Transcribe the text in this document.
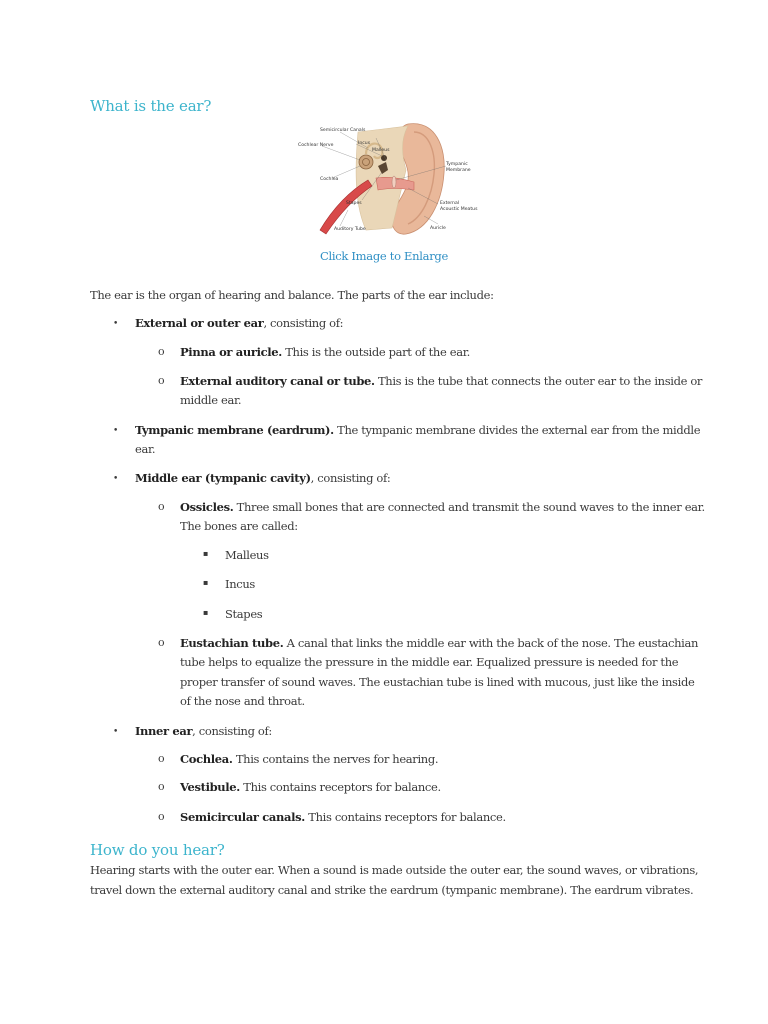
What is the ear?
Semicircular Canals
Cochlear Nerve	Incus
Malleus
Cochlea
Tympanic
Membrane
Stapes	External
Acoustic Meatus
Auditory Tube	Auricle
Click Image to Enlarge

The ear is the organ of hearing and balance. The parts of the ear include:

• External or outer ear, consisting of:

o Pinna or auricle. This is the outside part of the ear.

o External auditory canal or tube. This is the tube that connects the outer ear to the inside or

middle ear.

• Tympanic membrane (eardrum). The tympanic membrane divides the external ear from the middle

ear.

• Middle ear (tympanic cavity), consisting of:

o Ossicles. Three small bones that are connected and transmit the sound waves to the inner ear.

The bones are called:

▪ Malleus

▪ Incus

▪ Stapes

o Eustachian tube. A canal that links the middle ear with the back of the nose. The eustachian

tube helps to equalize the pressure in the middle ear. Equalized pressure is needed for the

proper transfer of sound waves. The eustachian tube is lined with mucous, just like the inside

of the nose and throat.

• Inner ear, consisting of:

o Cochlea. This contains the nerves for hearing.

o Vestibule. This contains receptors for balance.

o Semicircular canals. This contains receptors for balance.

How do you hear?

Hearing starts with the outer ear. When a sound is made outside the outer ear, the sound waves, or vibrations,

travel down the external auditory canal and strike the eardrum (tympanic membrane). The eardrum vibrates.
